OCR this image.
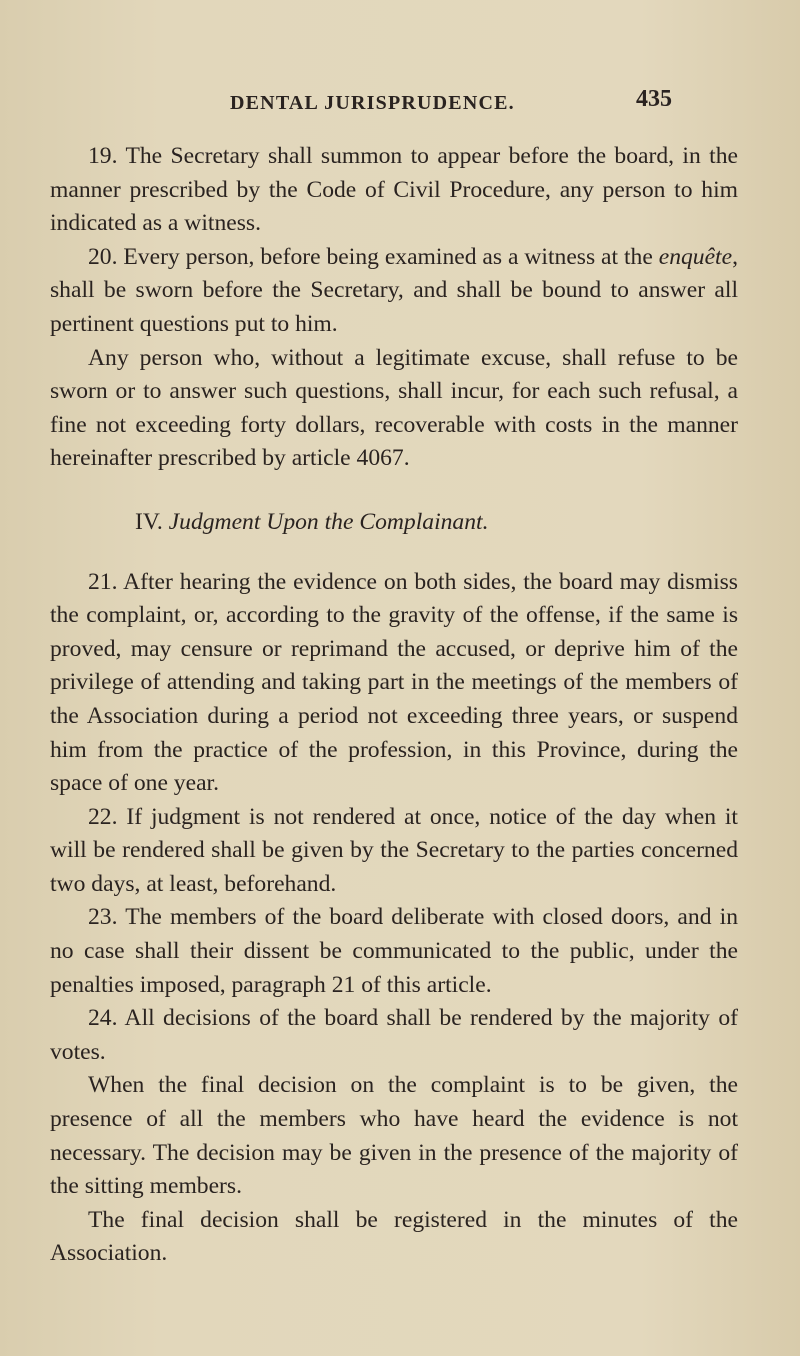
DENTAL JURISPRUDENCE.	435

19. The Secretary shall summon to appear before the board, in the manner prescribed by the Code of Civil Procedure, any person to him indicated as a witness.

20. Every person, before being examined as a witness at the enquête, shall be sworn before the Secretary, and shall be bound to answer all pertinent questions put to him.

Any person who, without a legitimate excuse, shall refuse to be sworn or to answer such questions, shall incur, for each such refusal, a fine not exceeding forty dollars, recoverable with costs in the manner hereinafter prescribed by article 4067.

IV. Judgment Upon the Complainant.

21. After hearing the evidence on both sides, the board may dismiss the complaint, or, according to the gravity of the offense, if the same is proved, may censure or reprimand the accused, or deprive him of the privilege of attending and taking part in the meetings of the members of the Association during a period not exceeding three years, or suspend him from the practice of the profession, in this Province, during the space of one year.

22. If judgment is not rendered at once, notice of the day when it will be rendered shall be given by the Secretary to the parties concerned two days, at least, beforehand.

23. The members of the board deliberate with closed doors, and in no case shall their dissent be communicated to the public, under the penalties imposed, paragraph 21 of this article.

24. All decisions of the board shall be rendered by the majority of votes.

When the final decision on the complaint is to be given, the presence of all the members who have heard the evidence is not necessary. The decision may be given in the presence of the majority of the sitting members.

The final decision shall be registered in the minutes of the Association.
